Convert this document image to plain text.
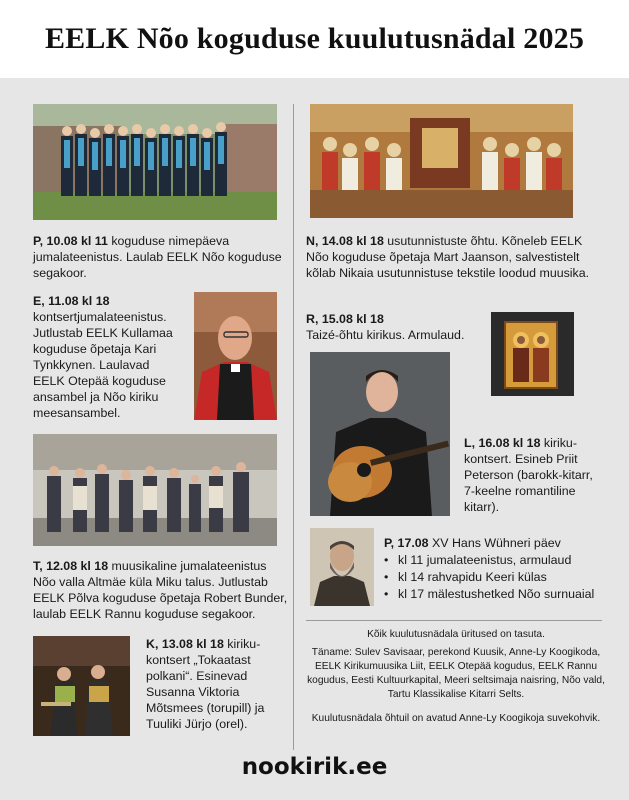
EELK Nõo koguduse kuulutusnädal 2025
P, 10.08 kl 11 koguduse nimepäeva jumalateenistus. Laulab EELK Nõo koguduse segakoor.
E, 11.08 kl 18
kontsertjumalateenistus. Jutlustab EELK Kullamaa koguduse õpetaja Kari Tynkkynen. Laulavad EELK Otepää koguduse ansambel ja Nõo kiriku meesansambel.
T, 12.08 kl 18 muusikaline jumalateenistus Nõo valla Altmäe küla Miku talus. Jutlustab EELK Põlva koguduse õpetaja Robert Bunder, laulab EELK Rannu koguduse segakoor.
K, 13.08 kl 18 kiriku-kontsert „Tokaatast polkani“. Esinevad Susanna Viktoria Mõtsmees (torupill) ja Tuuliki Jürjo (orel).
N, 14.08 kl 18 usutunnistuste õhtu. Kõneleb EELK Nõo koguduse õpetaja Mart Jaanson, salvestistelt kõlab Nikaia usutunnistuse tekstile loodud muusika.
R, 15.08 kl 18
Taizé-õhtu kirikus. Armulaud.
L, 16.08 kl 18 kiriku-kontsert. Esineb Priit Peterson (barokk-kitarr, 7-keelne romantiline kitarr).
P, 17.08 XV Hans Wühneri päev
• kl 11 jumalateenistus, armulaud
• kl 14 rahvapidu Keeri külas
• kl 17 mälestushetked Nõo surnuaial
Kõik kuulutusnädala üritused on tasuta.
Täname: Sulev Savisaar, perekond Kuusik, Anne-Ly Koogikoda, EELK Kirikumuusika Liit, EELK Otepää kogudus, EELK Rannu kogudus, Eesti Kultuurkapital, Meeri seltsimaja naisring, Nõo vald, Tartu Klassikalise Kitarri Selts.
Kuulutusnädala õhtuil on avatud Anne-Ly Koogikoja suvekohvik.
nookirik.ee
